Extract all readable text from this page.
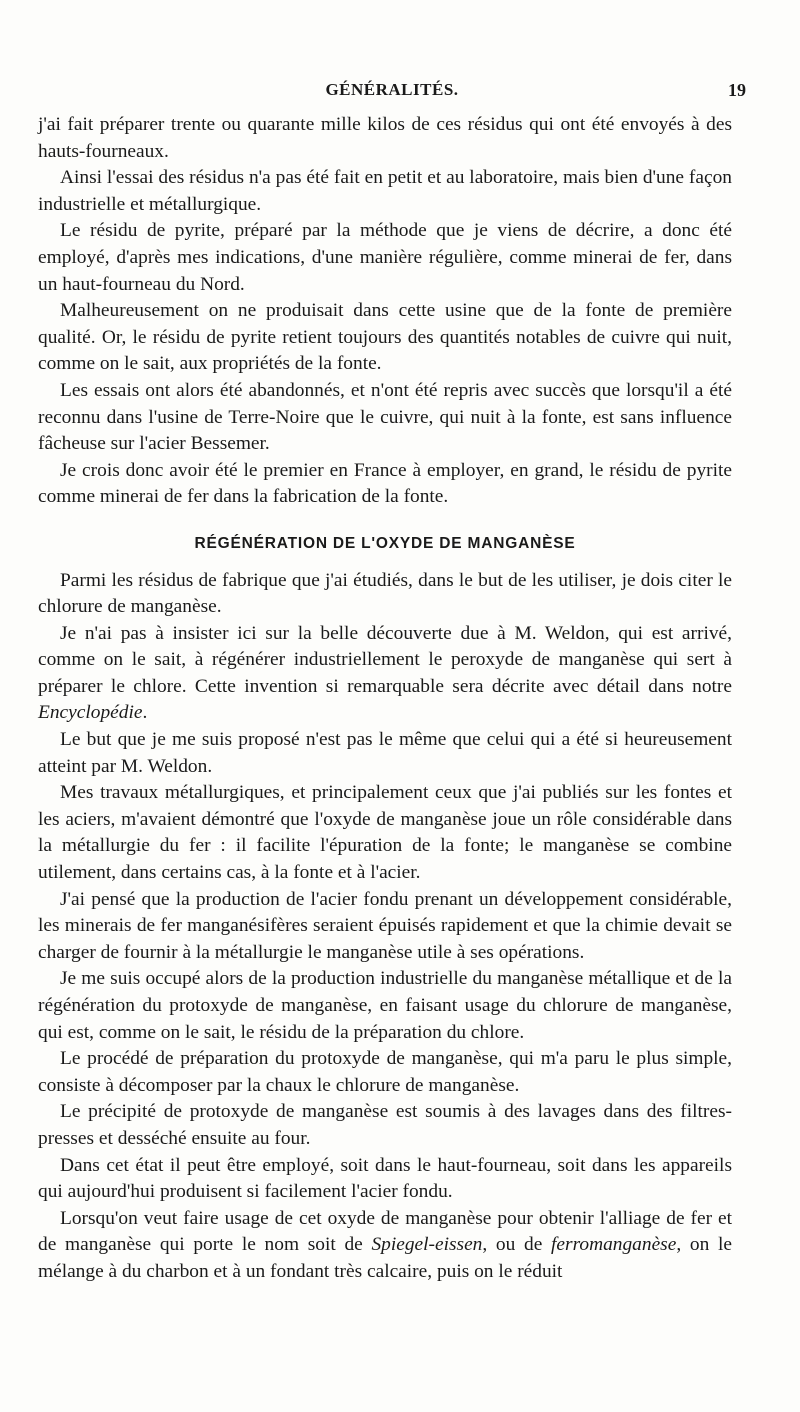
GÉNÉRALITÉS.	19

j'ai fait préparer trente ou quarante mille kilos de ces résidus qui ont été envoyés à des hauts-fourneaux.

Ainsi l'essai des résidus n'a pas été fait en petit et au laboratoire, mais bien d'une façon industrielle et métallurgique.

Le résidu de pyrite, préparé par la méthode que je viens de décrire, a donc été employé, d'après mes indications, d'une manière régulière, comme minerai de fer, dans un haut-fourneau du Nord.

Malheureusement on ne produisait dans cette usine que de la fonte de première qualité. Or, le résidu de pyrite retient toujours des quantités notables de cuivre qui nuit, comme on le sait, aux propriétés de la fonte.

Les essais ont alors été abandonnés, et n'ont été repris avec succès que lorsqu'il a été reconnu dans l'usine de Terre-Noire que le cuivre, qui nuit à la fonte, est sans influence fâcheuse sur l'acier Bessemer.

Je crois donc avoir été le premier en France à employer, en grand, le résidu de pyrite comme minerai de fer dans la fabrication de la fonte.

RÉGÉNÉRATION DE L'OXYDE DE MANGANÈSE

Parmi les résidus de fabrique que j'ai étudiés, dans le but de les utiliser, je dois citer le chlorure de manganèse.

Je n'ai pas à insister ici sur la belle découverte due à M. Weldon, qui est arrivé, comme on le sait, à régénérer industriellement le peroxyde de manganèse qui sert à préparer le chlore. Cette invention si remarquable sera décrite avec détail dans notre Encyclopédie.

Le but que je me suis proposé n'est pas le même que celui qui a été si heureusement atteint par M. Weldon.

Mes travaux métallurgiques, et principalement ceux que j'ai publiés sur les fontes et les aciers, m'avaient démontré que l'oxyde de manganèse joue un rôle considérable dans la métallurgie du fer : il facilite l'épuration de la fonte; le manganèse se combine utilement, dans certains cas, à la fonte et à l'acier.

J'ai pensé que la production de l'acier fondu prenant un développement considérable, les minerais de fer manganésifères seraient épuisés rapidement et que la chimie devait se charger de fournir à la métallurgie le manganèse utile à ses opérations.

Je me suis occupé alors de la production industrielle du manganèse métallique et de la régénération du protoxyde de manganèse, en faisant usage du chlorure de manganèse, qui est, comme on le sait, le résidu de la préparation du chlore.

Le procédé de préparation du protoxyde de manganèse, qui m'a paru le plus simple, consiste à décomposer par la chaux le chlorure de manganèse.

Le précipité de protoxyde de manganèse est soumis à des lavages dans des filtres-presses et desséché ensuite au four.

Dans cet état il peut être employé, soit dans le haut-fourneau, soit dans les appareils qui aujourd'hui produisent si facilement l'acier fondu.

Lorsqu'on veut faire usage de cet oxyde de manganèse pour obtenir l'alliage de fer et de manganèse qui porte le nom soit de Spiegel-eissen, ou de ferromanganèse, on le mélange à du charbon et à un fondant très calcaire, puis on le réduit
